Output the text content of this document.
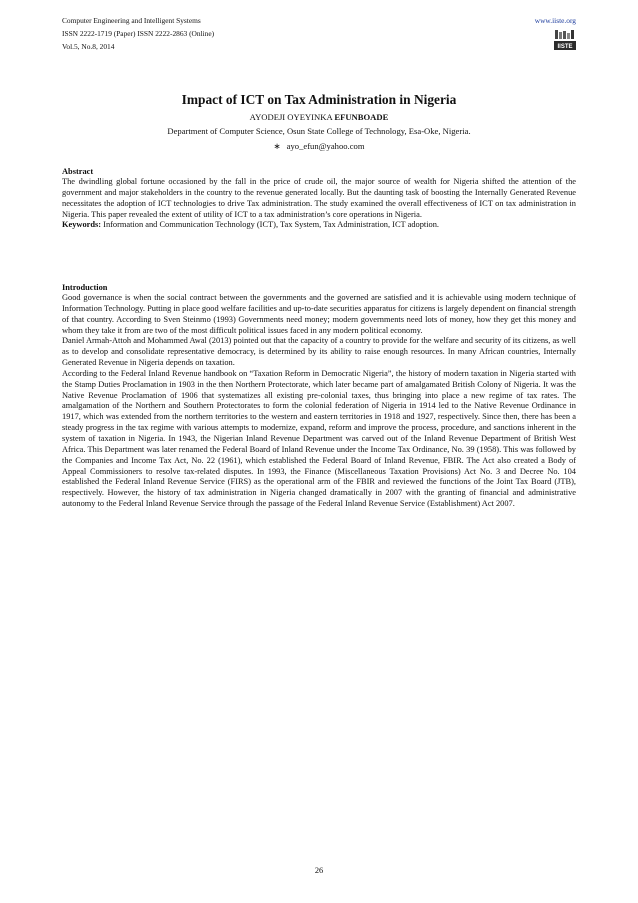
Computer Engineering and Intelligent Systems
ISSN 2222-1719 (Paper) ISSN 2222-2863 (Online)
Vol.5, No.8, 2014
www.iiste.org
IISTE
Impact of ICT on Tax Administration in Nigeria
AYODEJI OYEYINKA EFUNBOADE
Department of Computer Science, Osun State College of Technology, Esa-Oke, Nigeria.
∗ ayo_efun@yahoo.com
Abstract

The dwindling global fortune occasioned by the fall in the price of crude oil, the major source of wealth for Nigeria shifted the attention of the government and major stakeholders in the country to the revenue generated locally. But the daunting task of boosting the Internally Generated Revenue necessitates the adoption of ICT technologies to drive Tax administration. The study examined the overall effectiveness of ICT on tax administration in Nigeria. This paper revealed the extent of utility of ICT to a tax administration’s core operations in Nigeria.

Keywords: Information and Communication Technology (ICT), Tax System, Tax Administration, ICT adoption.

Introduction

Good governance is when the social contract between the governments and the governed are satisfied and it is achievable using modern technique of Information Technology. Putting in place good welfare facilities and up-to-date securities apparatus for citizens is largely dependent on financial strength of that country. According to Sven Steinmo (1993) Governments need money; modern governments need lots of money, how they get this money and whom they take it from are two of the most difficult political issues faced in any modern political economy.

Daniel Armah-Attoh and Mohammed Awal (2013) pointed out that the capacity of a country to provide for the welfare and security of its citizens, as well as to develop and consolidate representative democracy, is determined by its ability to raise enough resources. In many African countries, Internally Generated Revenue in Nigeria depends on taxation.

According to the Federal Inland Revenue handbook on “Taxation Reform in Democratic Nigeria”, the history of modern taxation in Nigeria started with the Stamp Duties Proclamation in 1903 in the then Northern Protectorate, which later became part of amalgamated British Colony of Nigeria. It was the Native Revenue Proclamation of 1906 that systematizes all existing pre-colonial taxes, thus bringing into place a new regime of tax rates. The amalgamation of the Northern and Southern Protectorates to form the colonial federation of Nigeria in 1914 led to the Native Revenue Ordinance in 1917, which was extended from the northern territories to the western and eastern territories in 1918 and 1927, respectively. Since then, there has been a steady progress in the tax regime with various attempts to modernize, expand, reform and improve the process, procedure, and sanctions inherent in the system of taxation in Nigeria. In 1943, the Nigerian Inland Revenue Department was carved out of the Inland Revenue Department of British West Africa. This Department was later renamed the Federal Board of Inland Revenue under the Income Tax Ordinance, No. 39 (1958). This was followed by the Companies and Income Tax Act, No. 22 (1961), which established the Federal Board of Inland Revenue, FBIR. The Act also created a Body of Appeal Commissioners to resolve tax-related disputes. In 1993, the Finance (Miscellaneous Taxation Provisions) Act No. 3 and Decree No. 104 established the Federal Inland Revenue Service (FIRS) as the operational arm of the FBIR and reviewed the functions of the Joint Tax Board (JTB), respectively. However, the history of tax administration in Nigeria changed dramatically in 2007 with the granting of financial and administrative autonomy to the Federal Inland Revenue Service through the passage of the Federal Inland Revenue Service (Establishment) Act 2007.

26
